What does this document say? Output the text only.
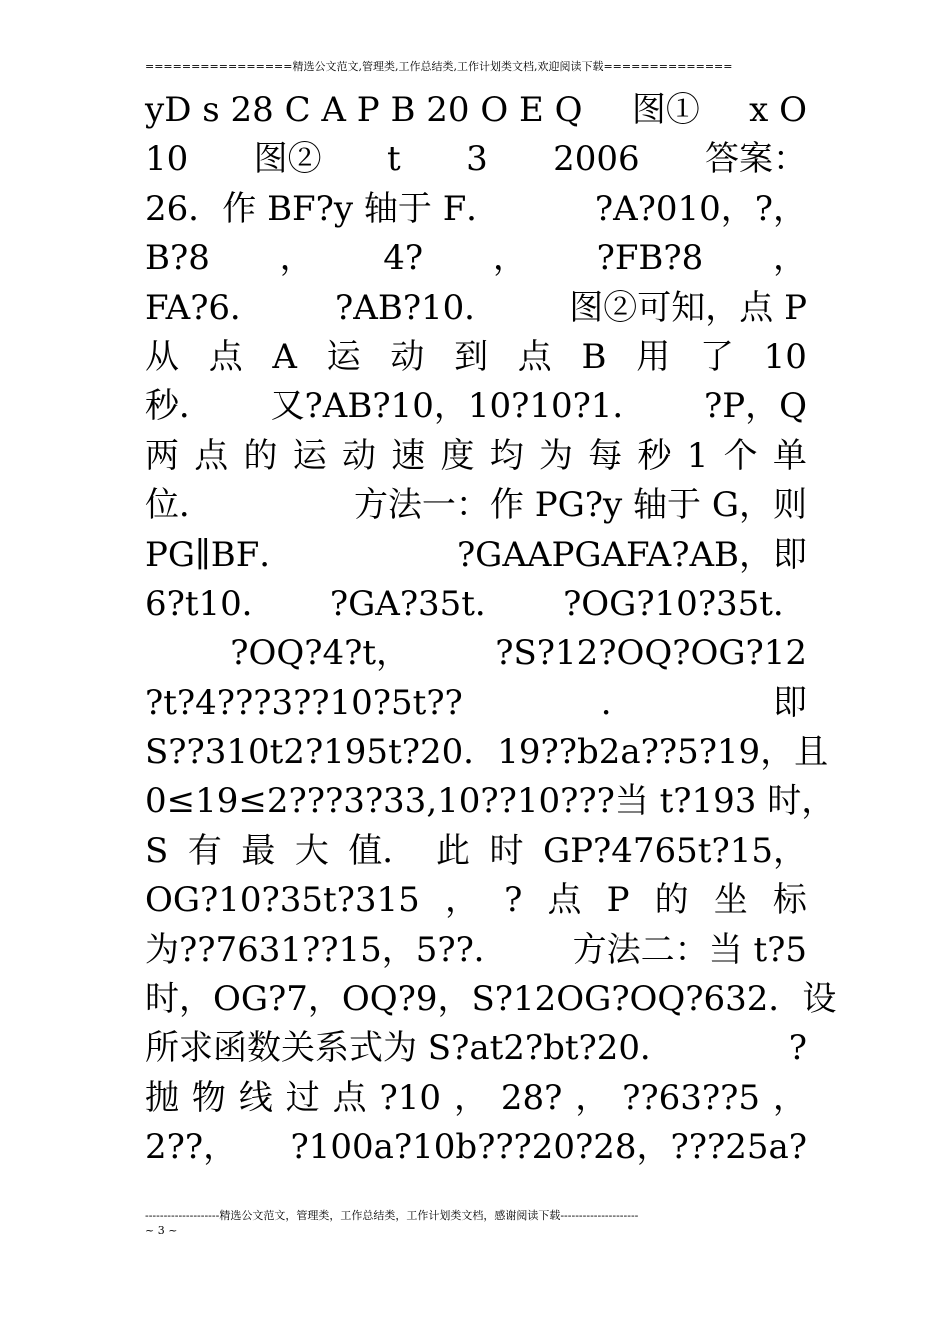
================精选公文范文,管理类,工作总结类,工作计划类文档,欢迎阅读下载==============
yD s 28 C A P B 20 O E Q 图① x O
10 图② t 3 2006 答案：
26．作 BF?y 轴于 F．	?A?010，?，
B?8 ， 4? ， ?FB?8 ，
FA?6． ?AB?10． 图②可知，点 P
从 点 A 运 动 到 点 B 用 了 10
秒． 又?AB?10，10?10?1． ?P，Q
两 点 的 运 动 速 度 均 为 每 秒 1 个 单
位．	方法一：作 PG?y 轴于 G，则
PG∥BF．	?GAAPGAFA?AB，即
6?t10． ?GA?35t． ?OG?10?35t．
?OQ?4?t，	?S?12?OQ?OG?12
?t?4???3??10?5t??	．	即
S??310t2?195t?20． 19??b2a??5?19，且
0≤19≤2???3?33,10 ??10???当 t?193 时，
S 有 最 大 值． 此 时 GP?4765t?15，
OG?10?35t?315 ， ? 点 P 的 坐 标
为??7631??15，5??． 方法二：当 t?5
时，OG?7，OQ?9，S?12OG?OQ?632．设
所求函数关系式为 S?at2?bt?20．	?
抛 物 线 过 点 ?10 ， 28? ， ??63??5 ，
2??， ?100a?10b???20?28，???25a?
--------------------精选公文范文，管理类，工作总结类，工作计划类文档，感谢阅读下载---------------------
~ 3 ~
